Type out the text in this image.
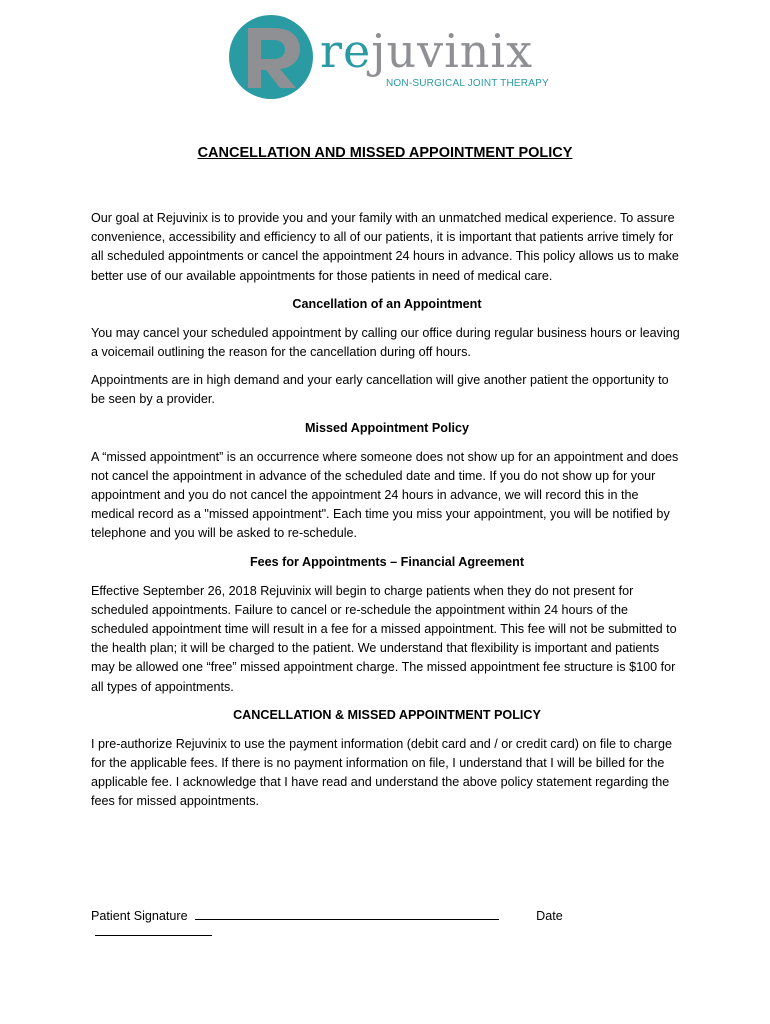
rejuvinix
NON-SURGICAL JOINT THERAPY
CANCELLATION AND MISSED APPOINTMENT POLICY

Our goal at Rejuvinix is to provide you and your family with an unmatched medical experience. To assure convenience, accessibility and efficiency to all of our patients, it is important that patients arrive timely for all scheduled appointments or cancel the appointment 24 hours in advance. This policy allows us to make better use of our available appointments for those patients in need of medical care.

Cancellation of an Appointment

You may cancel your scheduled appointment by calling our office during regular business hours or leaving a voicemail outlining the reason for the cancellation during off hours.

Appointments are in high demand and your early cancellation will give another patient the opportunity to be seen by a provider.

Missed Appointment Policy

A “missed appointment” is an occurrence where someone does not show up for an appointment and does not cancel the appointment in advance of the scheduled date and time. If you do not show up for your appointment and you do not cancel the appointment 24 hours in advance, we will record this in the medical record as a "missed appointment". Each time you miss your appointment, you will be notified by telephone and you will be asked to re-schedule.

Fees for Appointments – Financial Agreement

Effective September 26, 2018 Rejuvinix will begin to charge patients when they do not present for scheduled appointments. Failure to cancel or re-schedule the appointment within 24 hours of the scheduled appointment time will result in a fee for a missed appointment. This fee will not be submitted to the health plan; it will be charged to the patient. We understand that flexibility is important and patients may be allowed one “free” missed appointment charge. The missed appointment fee structure is $100 for all types of appointments.

CANCELLATION & MISSED APPOINTMENT POLICY

I pre-authorize Rejuvinix to use the payment information (debit card and / or credit card) on file to charge for the applicable fees. If there is no payment information on file, I understand that I will be billed for the applicable fee. I acknowledge that I have read and understand the above policy statement regarding the fees for missed appointments.

Patient Signature	Date
